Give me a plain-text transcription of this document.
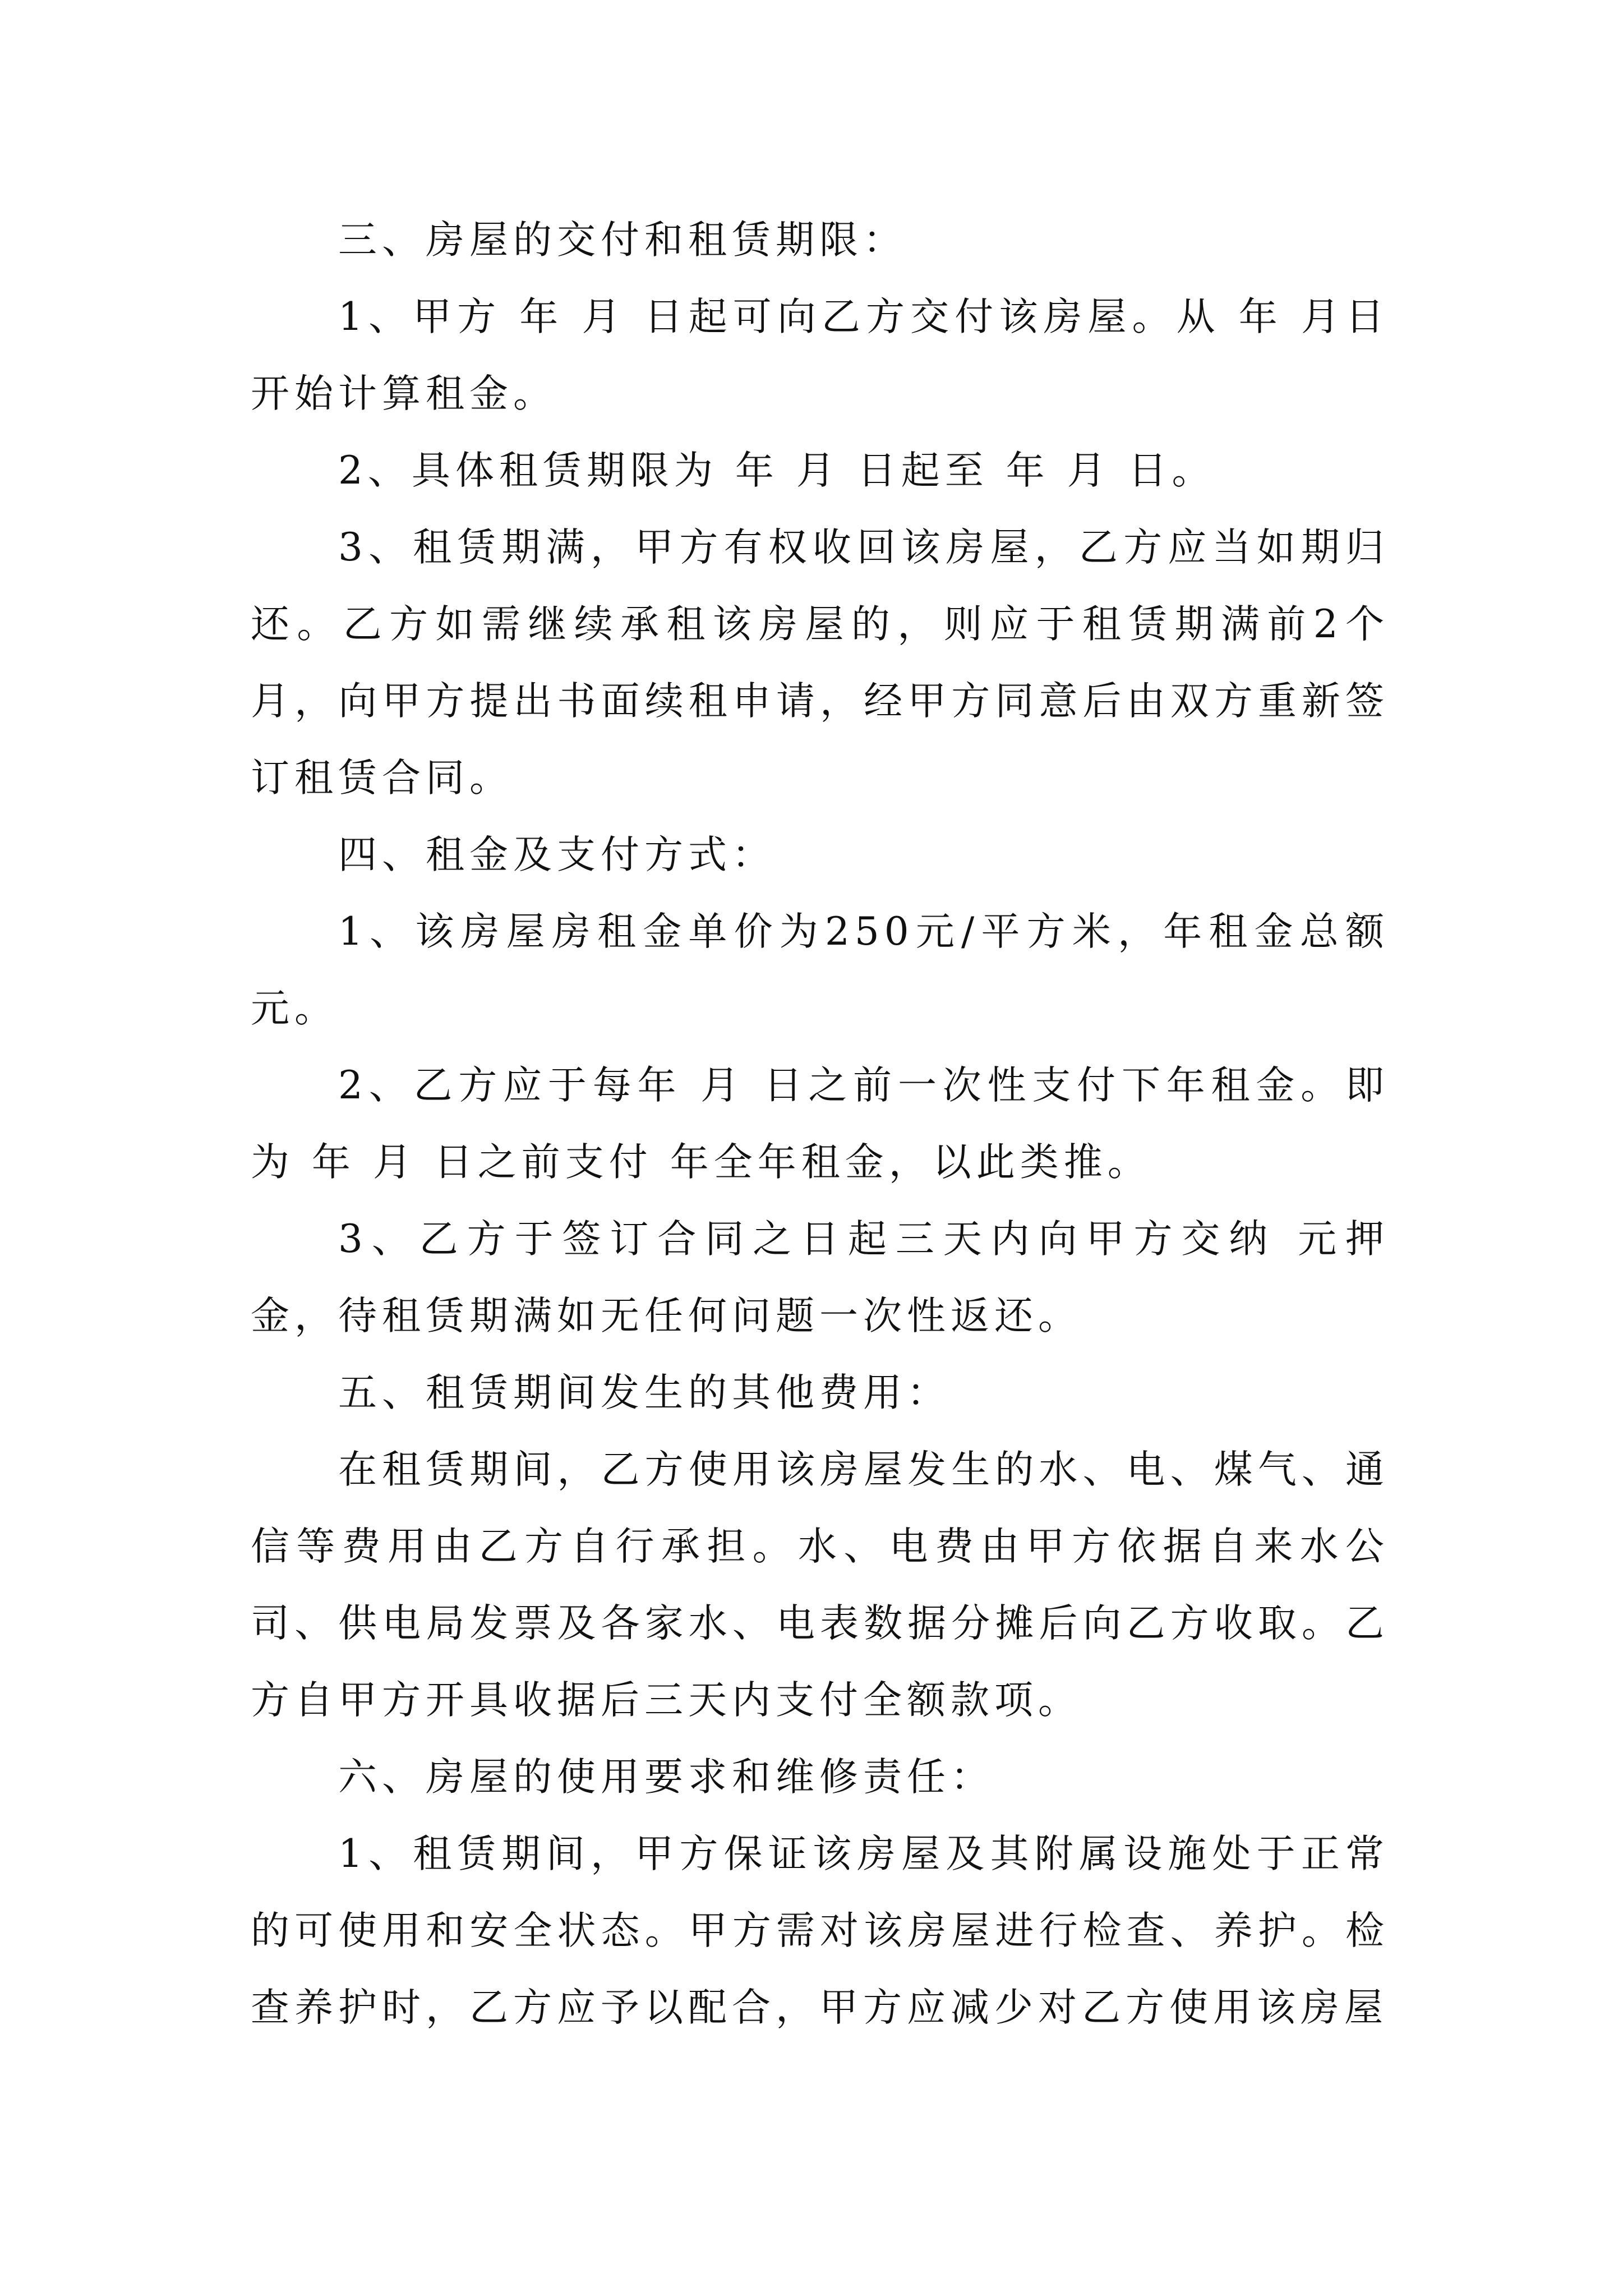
三、房屋的交付和租赁期限：

1、甲方 年 月 日起可向乙方交付该房屋。从 年 月日开始计算租金。

2、具体租赁期限为 年 月 日起至 年 月 日。

3、租赁期满，甲方有权收回该房屋，乙方应当如期归还。乙方如需继续承租该房屋的，则应于租赁期满前2个月，向甲方提出书面续租申请，经甲方同意后由双方重新签订租赁合同。

四、租金及支付方式：

1、该房屋房租金单价为250元/平方米，年租金总额 元。

2、乙方应于每年 月 日之前一次性支付下年租金。即为 年 月 日之前支付 年全年租金，以此类推。

3、乙方于签订合同之日起三天内向甲方交纳 元押金，待租赁期满如无任何问题一次性返还。

五、租赁期间发生的其他费用：

在租赁期间，乙方使用该房屋发生的水、电、煤气、通信等费用由乙方自行承担。水、电费由甲方依据自来水公司、供电局发票及各家水、电表数据分摊后向乙方收取。乙方自甲方开具收据后三天内支付全额款项。

六、房屋的使用要求和维修责任：

1、租赁期间，甲方保证该房屋及其附属设施处于正常的可使用和安全状态。甲方需对该房屋进行检查、养护。检查养护时，乙方应予以配合，甲方应减少对乙方使用该房屋
